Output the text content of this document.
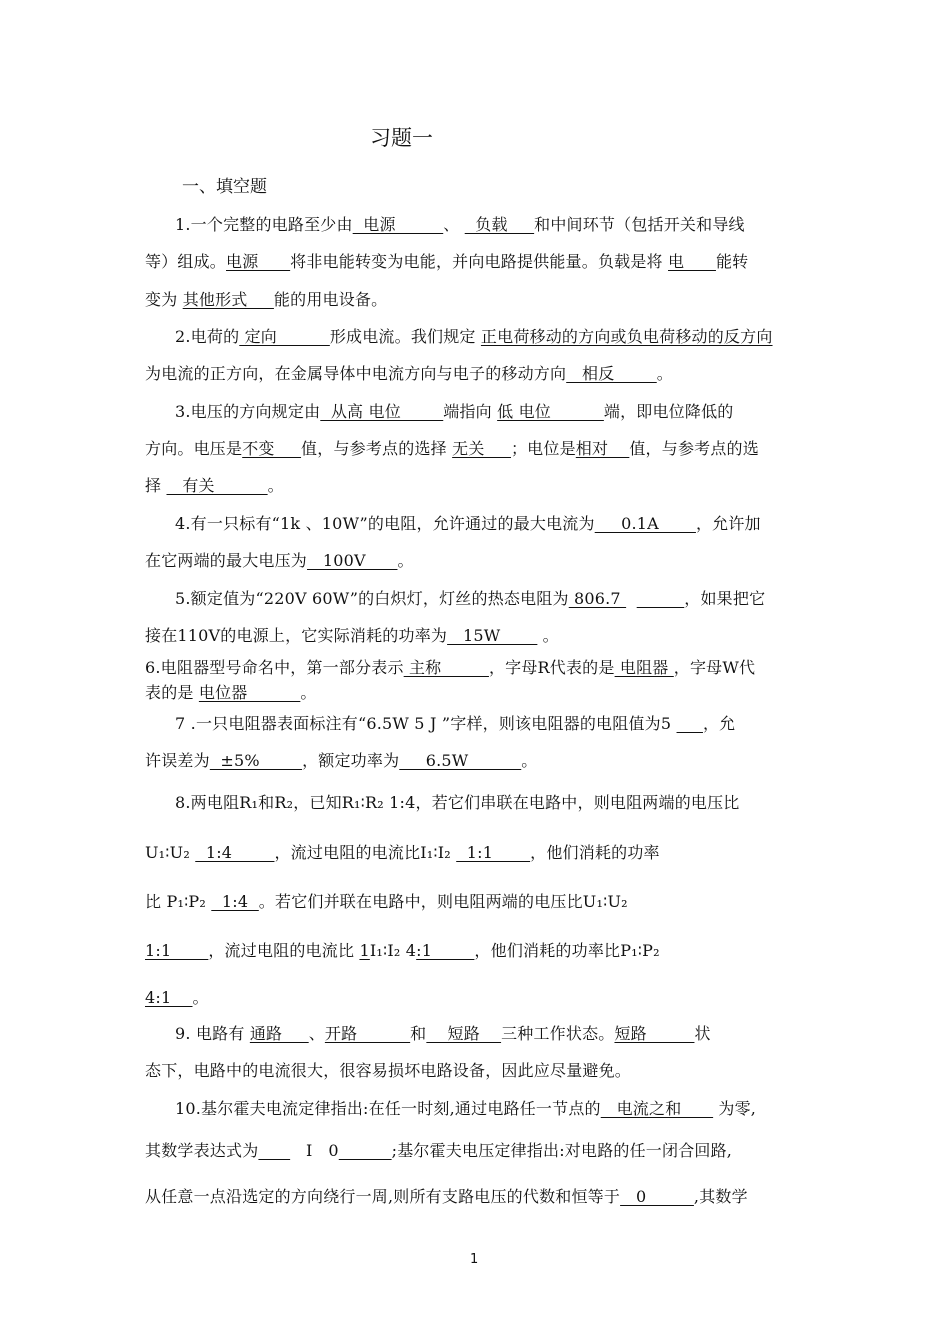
习题一
一、填空题
1.一个完整的电路至少由  电源         、   负载     和中间环节（包括开关和导线
等）组成。电源      将非电能转变为电能，并向电路提供能量。负载是将 电      能转
变为 其他形式     能的用电设备。
2.电荷的 定向          形成电流。我们规定 正电荷移动的方向或负电荷移动的反方向
为电流的正方向，在金属导体中电流方向与电子的移动方向   相反        。
3.电压的方向规定由  从高 电位        端指向 低 电位          端，即电位降低的
方向。电压是不变     值，与参考点的选择 无关     ；电位是相对    值，与参考点的选
择    有关          。
4.有一只标有“1k 、10W”的电阻，允许通过的最大电流为     0.1A       ，允许加
在它两端的最大电压为   100V      。
5.额定值为“220V 60W”的白炽灯，灯丝的热态电阻为 806.7	，如果把它
接在110V的电源上，它实际消耗的功率为   15W        。
6.电阻器型号命名中，第一部分表示 主称         ，字母R代表的是 电阻器 ，字母W代
表的是 电位器          。
7 .一只电阻器表面标注有“6.5W 5 J ”字样，则该电阻器的电阻值为5      ，允
许误差为  ±5%        ，额定功率为     6.5W          。
8.两电阻R₁和R₂，已知R₁∶R₂ 1:4，若它们串联在电路中，则电阻两端的电压比
U₁∶U₂   1:4        ，流过电阻的电流比I₁∶I₂   1:1       ，他们消耗的功率
比 P₁∶P₂   1:4  。若它们并联在电路中，则电阻两端的电压比U₁∶U₂
1:1       ，流过电阻的电流比 1I₁∶I₂ 4:1        ，他们消耗的功率比P₁∶P₂
4:1    。
9. 电路有 通路     、开路          和    短路    三种工作状态。短路         状
态下，电路中的电流很大，很容易损坏电路设备，因此应尽量避免。
10.基尔霍夫电流定律指出:在任一时刻,通过电路任一节点的   电流之和       为零,
其数学表达式为         I   0	;基尔霍夫电压定律指出:对电路的任一闭合回路,
从任意一点沿选定的方向绕行一周,则所有支路电压的代数和恒等于   0         ,其数学
1
